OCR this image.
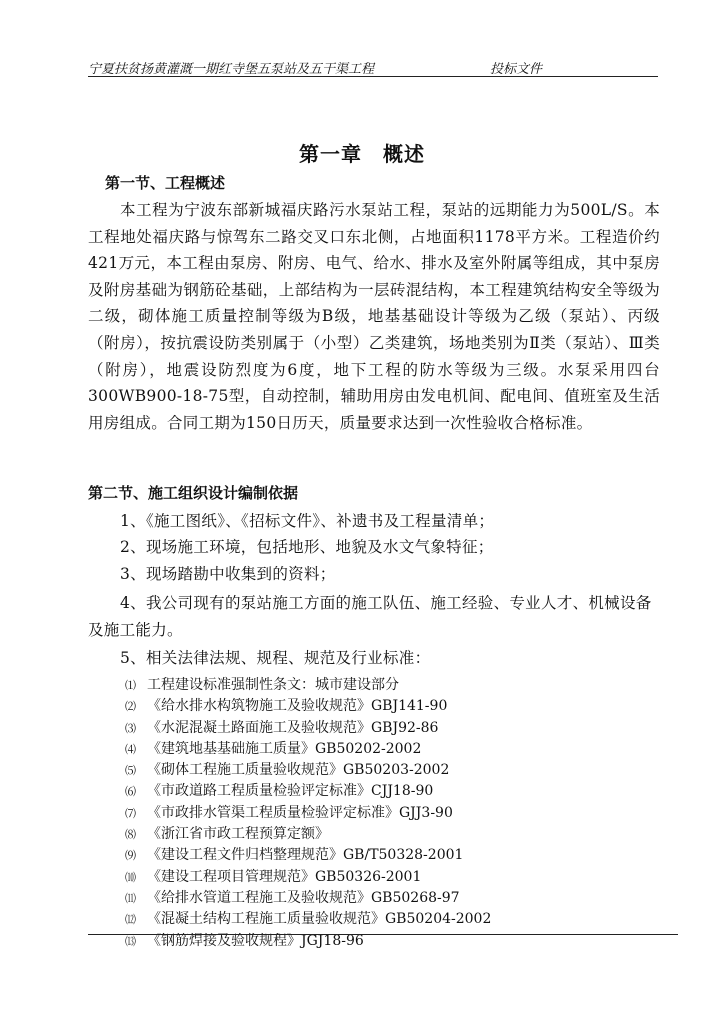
宁夏扶贫扬黄灌溉一期红寺堡五泵站及五干渠工程	投标文件
第一章　概述
第一节、工程概述
本工程为宁波东部新城福庆路污水泵站工程，泵站的远期能力为500L/S。本工程地处福庆路与惊驾东二路交叉口东北侧，占地面积1178平方米。工程造价约421万元，本工程由泵房、附房、电气、给水、排水及室外附属等组成，其中泵房及附房基础为钢筋砼基础，上部结构为一层砖混结构，本工程建筑结构安全等级为二级，砌体施工质量控制等级为B级，地基基础设计等级为乙级（泵站）、丙级（附房），按抗震设防类别属于（小型）乙类建筑，场地类别为Ⅱ类（泵站）、Ⅲ类（附房），地震设防烈度为6度，地下工程的防水等级为三级。水泵采用四台300WB900-18-75型，自动控制，辅助用房由发电机间、配电间、值班室及生活用房组成。合同工期为150日历天，质量要求达到一次性验收合格标准。
第二节、施工组织设计编制依据
1、《施工图纸》、《招标文件》、补遗书及工程量清单；
2、现场施工环境，包括地形、地貌及水文气象特征；
3、现场踏勘中收集到的资料；
4、我公司现有的泵站施工方面的施工队伍、施工经验、专业人才、机械设备及施工能力。
5、相关法律法规、规程、规范及行业标准：
⑴ 工程建设标准强制性条文：城市建设部分
⑵ 《给水排水构筑物施工及验收规范》GBJ141-90
⑶ 《水泥混凝土路面施工及验收规范》GBJ92-86
⑷ 《建筑地基基础施工质量》GB50202-2002
⑸ 《砌体工程施工质量验收规范》GB50203-2002
⑹ 《市政道路工程质量检验评定标准》CJJ18-90
⑺ 《市政排水管渠工程质量检验评定标准》GJJ3-90
⑻ 《浙江省市政工程预算定额》
⑼ 《建设工程文件归档整理规范》GB/T50328-2001
⑽ 《建设工程项目管理规范》GB50326-2001
⑾ 《给排水管道工程施工及验收规范》GB50268-97
⑿ 《混凝土结构工程施工质量验收规范》GB50204-2002
⒀ 《钢筋焊接及验收规程》JGJ18-96
